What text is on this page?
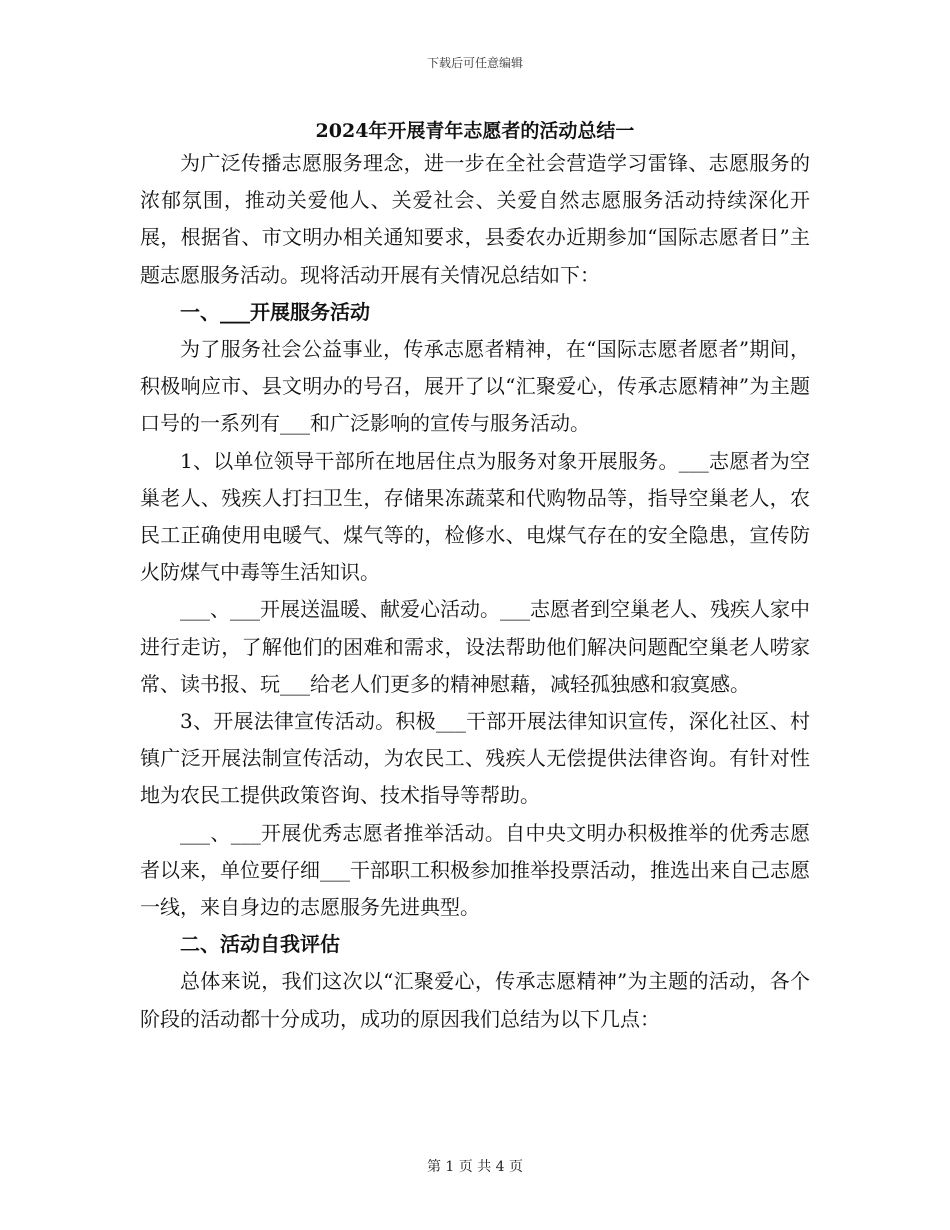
下载后可任意编辑
2024年开展青年志愿者的活动总结一

为广泛传播志愿服务理念，进一步在全社会营造学习雷锋、志愿服务的浓郁氛围，推动关爱他人、关爱社会、关爱自然志愿服务活动持续深化开展，根据省、市文明办相关通知要求，县委农办近期参加“国际志愿者日”主题志愿服务活动。现将活动开展有关情况总结如下：

一、___开展服务活动

为了服务社会公益事业，传承志愿者精神，在“国际志愿者愿者”期间，积极响应市、县文明办的号召，展开了以“汇聚爱心，传承志愿精神”为主题口号的一系列有___和广泛影响的宣传与服务活动。

1、以单位领导干部所在地居住点为服务对象开展服务。___志愿者为空巢老人、残疾人打扫卫生，存储果冻蔬菜和代购物品等，指导空巢老人，农民工正确使用电暖气、煤气等的，检修水、电煤气存在的安全隐患，宣传防火防煤气中毒等生活知识。

___、___开展送温暖、献爱心活动。___志愿者到空巢老人、残疾人家中进行走访，了解他们的困难和需求，设法帮助他们解决问题配空巢老人唠家常、读书报、玩___给老人们更多的精神慰藉，减轻孤独感和寂寞感。

3、开展法律宣传活动。积极___干部开展法律知识宣传，深化社区、村镇广泛开展法制宣传活动，为农民工、残疾人无偿提供法律咨询。有针对性地为农民工提供政策咨询、技术指导等帮助。

___、___开展优秀志愿者推举活动。自中央文明办积极推举的优秀志愿者以来，单位要仔细___干部职工积极参加推举投票活动，推选出来自己志愿一线，来自身边的志愿服务先进典型。

二、活动自我评估

总体来说，我们这次以“汇聚爱心，传承志愿精神”为主题的活动，各个阶段的活动都十分成功，成功的原因我们总结为以下几点：

第 1 页 共 4 页
